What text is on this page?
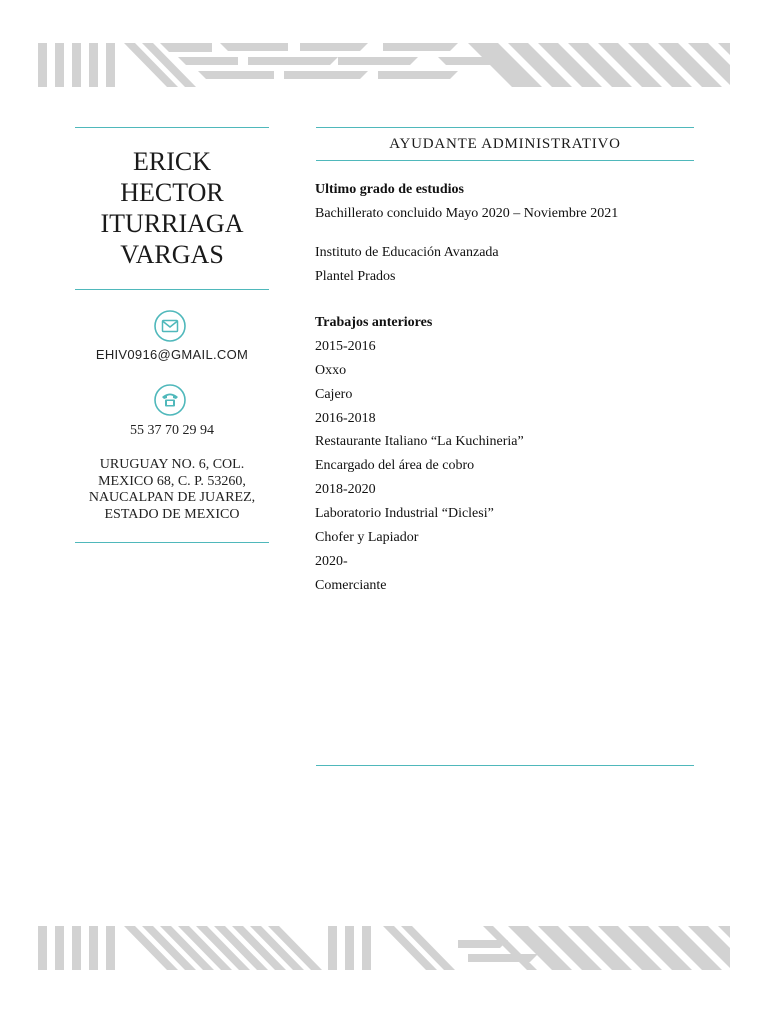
ERICK
HECTOR
ITURRIAGA
VARGAS
EHIV0916@GMAIL.COM
55 37 70 29 94
URUGUAY NO. 6, COL.
MEXICO 68, C. P. 53260,
NAUCALPAN DE JUAREZ,
ESTADO DE MEXICO
AYUDANTE ADMINISTRATIVO
Ultimo grado de estudios
Bachillerato concluido Mayo 2020 – Noviembre 2021
Instituto de Educación Avanzada
Plantel Prados
Trabajos anteriores
2015-2016
Oxxo
Cajero
2016-2018
Restaurante Italiano “La Kuchineria”
Encargado del área de cobro
2018-2020
Laboratorio Industrial “Diclesi”
Chofer y Lapiador
2020-
Comerciante
